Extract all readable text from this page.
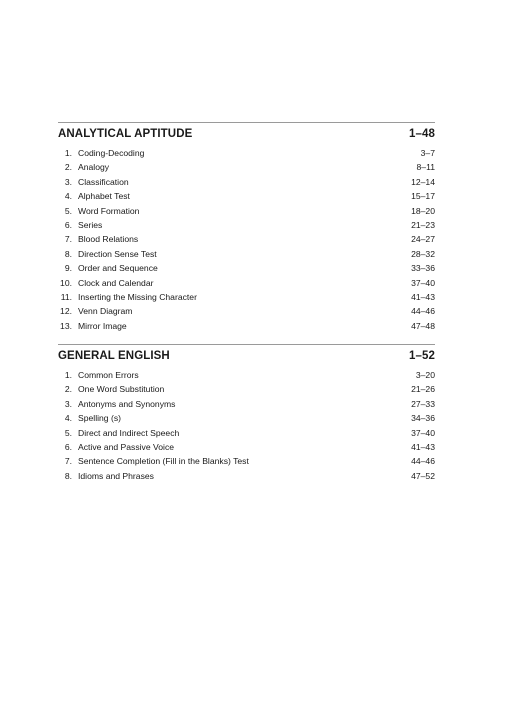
ANALYTICAL APTITUDE	1–48
1. Coding-Decoding	3–7
2. Analogy	8–11
3. Classification	12–14
4. Alphabet Test	15–17
5. Word Formation	18–20
6. Series	21–23
7. Blood Relations	24–27
8. Direction Sense Test	28–32
9. Order and Sequence	33–36
10. Clock and Calendar	37–40
11. Inserting the Missing Character	41–43
12. Venn Diagram	44–46
13. Mirror Image	47–48
GENERAL ENGLISH	1–52
1. Common Errors	3–20
2. One Word Substitution	21–26
3. Antonyms and Synonyms	27–33
4. Spelling (s)	34–36
5. Direct and Indirect Speech	37–40
6. Active and Passive Voice	41–43
7. Sentence Completion (Fill in the Blanks) Test	44–46
8. Idioms and Phrases	47–52
